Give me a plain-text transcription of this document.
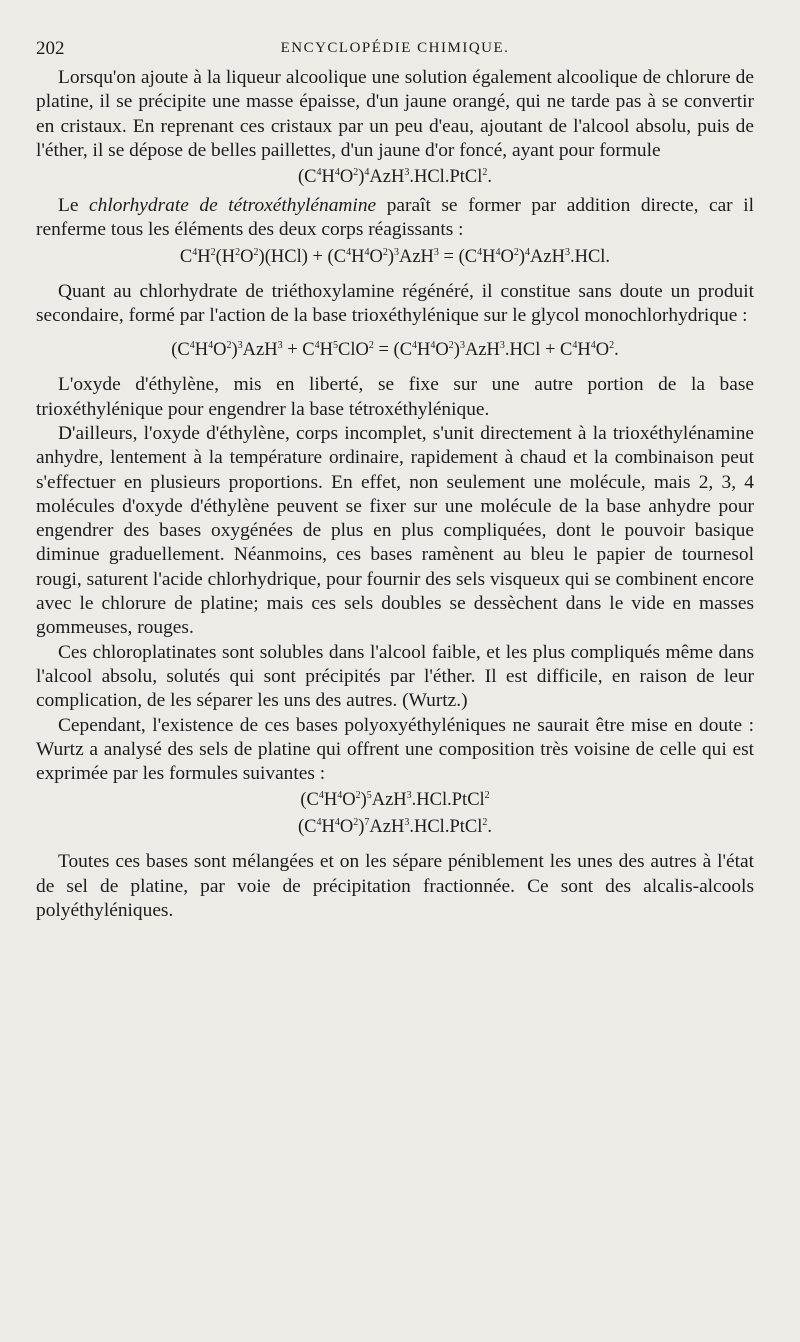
202	ENCYCLOPÉDIE CHIMIQUE.

Lorsqu'on ajoute à la liqueur alcoolique une solution également alcoolique de chlorure de platine, il se précipite une masse épaisse, d'un jaune orangé, qui ne tarde pas à se convertir en cristaux. En reprenant ces cristaux par un peu d'eau, ajoutant de l'alcool absolu, puis de l'éther, il se dépose de belles paillettes, d'un jaune d'or foncé, ayant pour formule

$(C^4H^4O^2)^4AzH^3.HCl.PtCl^2$.

Le chlorhydrate de tétroxéthylénamine paraît se former par addition directe, car il renferme tous les éléments des deux corps réagissants :

$C^4H^2(H^2O^2)(HCl) + (C^4H^4O^2)^3AzH^3 = (C^4H^4O^2)^4AzH^3.HCl$.

Quant au chlorhydrate de triéthoxylamine régénéré, il constitue sans doute un produit secondaire, formé par l'action de la base trioxéthylénique sur le glycol monochlorhydrique :

$(C^4H^4O^2)^3AzH^3 + C^4H^5ClO^2 = (C^4H^4O^2)^3AzH^3.HCl + C^4H^4O^2$.

L'oxyde d'éthylène, mis en liberté, se fixe sur une autre portion de la base trioxéthylénique pour engendrer la base tétroxéthylénique.

D'ailleurs, l'oxyde d'éthylène, corps incomplet, s'unit directement à la trioxéthylénamine anhydre, lentement à la température ordinaire, rapidement à chaud et la combinaison peut s'effectuer en plusieurs proportions. En effet, non seulement une molécule, mais 2, 3, 4 molécules d'oxyde d'éthylène peuvent se fixer sur une molécule de la base anhydre pour engendrer des bases oxygénées de plus en plus compliquées, dont le pouvoir basique diminue graduellement. Néanmoins, ces bases ramènent au bleu le papier de tournesol rougi, saturent l'acide chlorhydrique, pour fournir des sels visqueux qui se combinent encore avec le chlorure de platine; mais ces sels doubles se dessèchent dans le vide en masses gommeuses, rouges.

Ces chloroplatinates sont solubles dans l'alcool faible, et les plus compliqués même dans l'alcool absolu, solutés qui sont précipités par l'éther. Il est difficile, en raison de leur complication, de les séparer les uns des autres. (Wurtz.)

Cependant, l'existence de ces bases polyoxyéthyléniques ne saurait être mise en doute : Wurtz a analysé des sels de platine qui offrent une composition très voisine de celle qui est exprimée par les formules suivantes :

$(C^4H^4O^2)^5AzH^3.HCl.PtCl^2$
$(C^4H^4O^2)^7AzH^3.HCl.PtCl^2$.

Toutes ces bases sont mélangées et on les sépare péniblement les unes des autres à l'état de sel de platine, par voie de précipitation fractionnée. Ce sont des alcalis-alcools polyéthyléniques.
